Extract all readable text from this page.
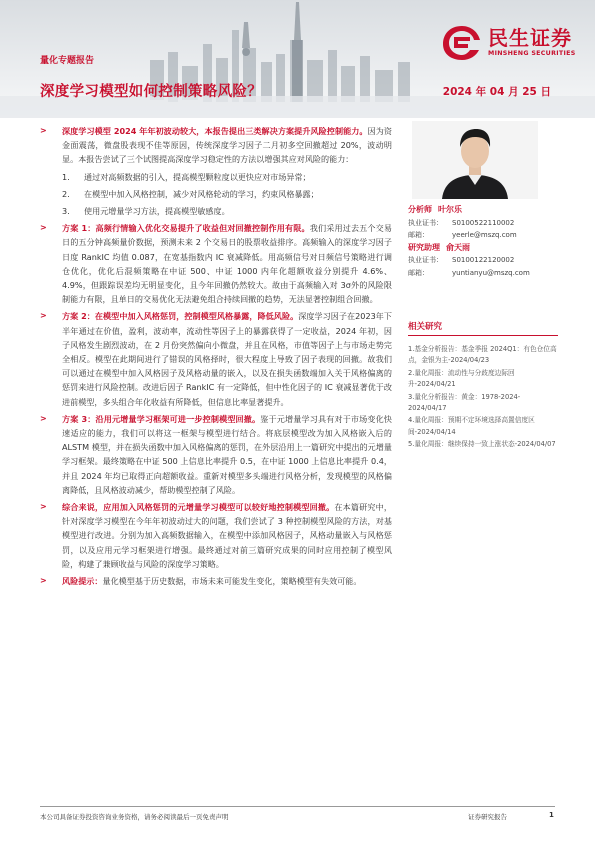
民生证券
MINSHENG SECURITIES
量化专题报告
深度学习模型如何控制策略风险？	2024 年 04 月 25 日
> 深度学习模型 2024 年年初波动较大，本报告提出三类解决方案提升风险控制能力。因为资金面震荡，微盘股表现不佳等原因，传统深度学习因子二月初多空回撤超过 20%，波动明显。本报告尝试了三个试图提高深度学习稳定性的方法以增强其应对风险的能力：
1. 通过对高频数据的引入，提高模型颗粒度以更快应对市场异常；
2. 在模型中加入风格控制，减少对风格轮动的学习，约束风格暴露；
3. 使用元增量学习方法，提高模型敏感度。
> 方案 1：高频行情输入优化交易提升了收益但对回撤控制作用有限。我们采用过去五个交易日的五分钟高频量价数据，预测未来 2 个交易日的股票收益排序。高频输入的深度学习因子日度 RankIC 均值 0.087，在宽基指数内 IC 衰减降低。用高频信号对日频信号策略进行调仓优化，优化后混频策略在中证 500、中证 1000 内年化超额收益分别提升 4.6%、4.9%，但跟踪误差均无明显变化，且今年回撤仍然较大。故由于高频输入对 3σ外的风险限制能力有限，且单日的交易优化无法避免组合持续回撤的趋势，无法显著控制组合回撤。
> 方案 2：在模型中加入风格惩罚，控制模型风格暴露，降低风险。深度学习因子在2023年下半年通过在价值，盈利，波动率，流动性等因子上的暴露获得了一定收益，2024 年初，因子风格发生剧烈波动，在 2 月份突然偏向小微盘，并且在风格，市值等因子上与市场走势完全相反。模型在此期间进行了错误的风格择时，很大程度上导致了因子表现的回撤。故我们可以通过在模型中加入风格因子及风格动量的嵌入，以及在损失函数端加入关于风格偏离的惩罚来进行风险控制。改进后因子 RankIC 有一定降低，但中性化因子的 IC 衰减显著优于改进前模型，多头组合年化收益有所降低，但信息比率显著提升。
> 方案 3：沿用元增量学习框架可进一步控制模型回撤。鉴于元增量学习具有对于市场变化快速适应的能力，我们可以将这一框架与模型进行结合。将底层模型改为加入风格嵌入后的 ALSTM 模型，并在损失函数中加入风格偏离的惩罚，在外层沿用上一篇研究中提出的元增量学习框架。最终策略在中证 500 上信息比率提升 0.5，在中证 1000 上信息比率提升 0.4，并且 2024 年均已取得正向超额收益。重新对模型多头端进行风格分析，发现模型的风格偏离降低，且风格波动减少，帮助模型控制了风险。
> 综合来说，应用加入风格惩罚的元增量学习模型可以较好地控制模型回撤。在本篇研究中，针对深度学习模型在今年年初波动过大的问题，我们尝试了 3 种控制模型风险的方法，对基模型进行改进。分别为加入高频数据输入，在模型中添加风格因子，风格动量嵌入与风格惩罚，以及应用元学习框架进行增强。最终通过对前三篇研究成果的同时应用控制了模型风险，构建了兼顾收益与风险的深度学习策略。
> 风险提示：量化模型基于历史数据，市场未来可能发生变化，策略模型有失效可能。
分析师 叶尔乐
执业证书：	S0100522110002
邮箱：	yeerle@mszq.com
研究助理 俞天雨
执业证书：	S0100122120002
邮箱：	yuntianyu@mszq.com
相关研究
1.基金分析报告：基金季报 2024Q1：有色仓位高点，金银为主-2024/04/23
2.量化周报：流动性与分歧度边际回升-2024/04/21
3.量化分析报告：黄金：1978-2024-2024/04/17
4.量化周报：预期不定环境选择高置信度区间-2024/04/14
5.量化周报：继续保持一致上涨状态-2024/04/07
本公司具备证券投资咨询业务资格，请务必阅读最后一页免责声明	证券研究报告	1
